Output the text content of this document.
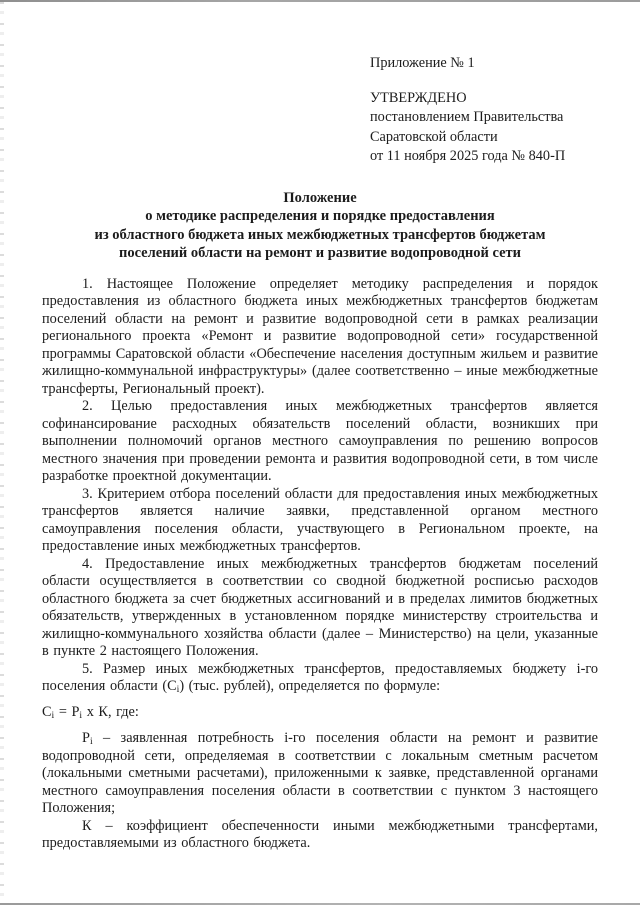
Приложение № 1
УТВЕРЖДЕНО
постановлением Правительства
Саратовской области
от 11 ноября 2025 года № 840-П
Положение
о методике распределения и порядке предоставления
из областного бюджета иных межбюджетных трансфертов бюджетам
поселений области на ремонт и развитие водопроводной сети

1. Настоящее Положение определяет методику распределения и порядок предоставления из областного бюджета иных межбюджетных трансфертов бюджетам поселений области на ремонт и развитие водопроводной сети в рамках реализации регионального проекта «Ремонт и развитие водопроводной сети» государственной программы Саратовской области «Обеспечение населения доступным жильем и развитие жилищно-коммунальной инфраструктуры» (далее соответственно – иные межбюджетные трансферты, Региональный проект).

2. Целью предоставления иных межбюджетных трансфертов является софинансирование расходных обязательств поселений области, возникших при выполнении полномочий органов местного самоуправления по решению вопросов местного значения при проведении ремонта и развития водопроводной сети, в том числе разработке проектной документации.

3. Критерием отбора поселений области для предоставления иных межбюджетных трансфертов является наличие заявки, представленной органом местного самоуправления поселения области, участвующего в Региональном проекте, на предоставление иных межбюджетных трансфертов.

4. Предоставление иных межбюджетных трансфертов бюджетам поселений области осуществляется в соответствии со сводной бюджетной росписью расходов областного бюджета за счет бюджетных ассигнований и в пределах лимитов бюджетных обязательств, утвержденных в установленном порядке министерству строительства и жилищно-коммунального хозяйства области (далее – Министерство) на цели, указанные в пункте 2 настоящего Положения.

5. Размер иных межбюджетных трансфертов, предоставляемых бюджету i-го поселения области $(C_i)$ (тыс. рублей), определяется по формуле:

$C_i = P_i$ х К, где:

$P_i$ – заявленная потребность i-го поселения области на ремонт и развитие водопроводной сети, определяемая в соответствии с локальным сметным расчетом (локальными сметными расчетами), приложенными к заявке, представленной органами местного самоуправления поселения области в соответствии с пунктом 3 настоящего Положения;

К – коэффициент обеспеченности иными межбюджетными трансфертами, предоставляемыми из областного бюджета.
